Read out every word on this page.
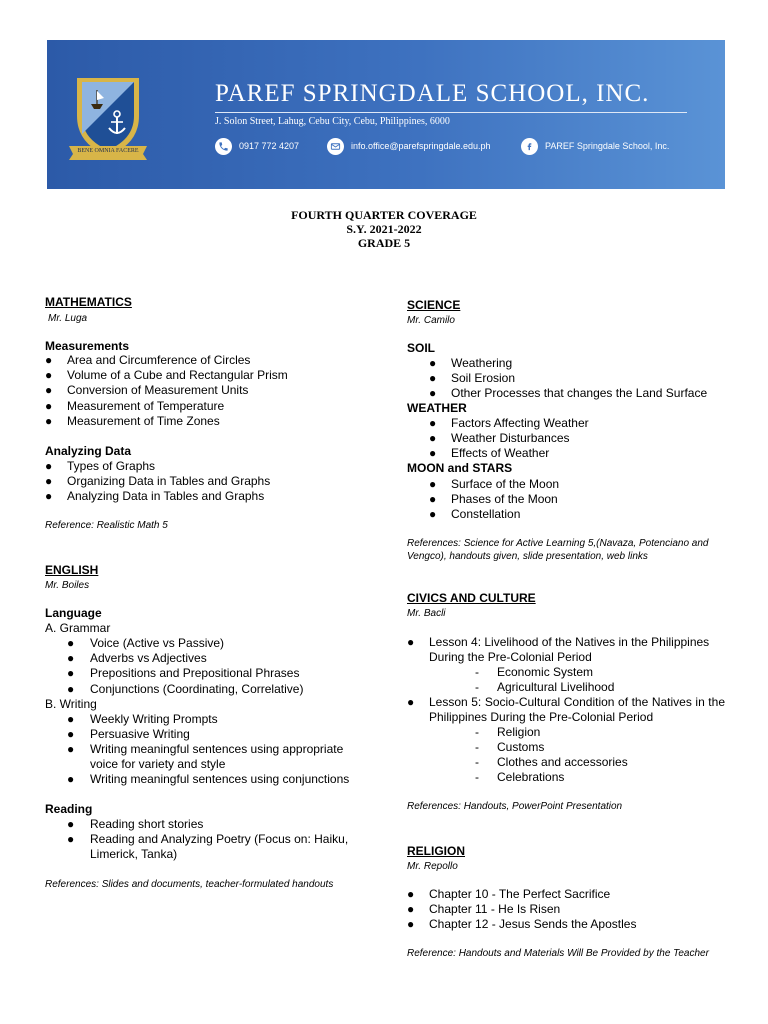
BENE OMNIA FACERE
PAREF SPRINGDALE SCHOOL, INC.
J. Solon Street, Lahug, Cebu City, Cebu, Philippines, 6000
0917 772 4207	info.office@parefspringdale.edu.ph	PAREF Springdale School, Inc.
FOURTH QUARTER COVERAGE
S.Y. 2021-2022
GRADE 5
MATHEMATICS
Mr. Luga
Measurements
● Area and Circumference of Circles
● Volume of a Cube and Rectangular Prism
● Conversion of Measurement Units
● Measurement of Temperature
● Measurement of Time Zones
Analyzing Data
● Types of Graphs
● Organizing Data in Tables and Graphs
● Analyzing Data in Tables and Graphs
Reference: Realistic Math 5
ENGLISH
Mr. Boiles
Language
A. Grammar
● Voice (Active vs Passive)
● Adverbs vs Adjectives
● Prepositions and Prepositional Phrases
● Conjunctions (Coordinating, Correlative)
B. Writing
● Weekly Writing Prompts
● Persuasive Writing
● Writing meaningful sentences using appropriate voice for variety and style
● Writing meaningful sentences using conjunctions
Reading
● Reading short stories
● Reading and Analyzing Poetry (Focus on: Haiku, Limerick, Tanka)
References: Slides and documents, teacher-formulated handouts
SCIENCE
Mr. Camilo
SOIL
● Weathering
● Soil Erosion
● Other Processes that changes the Land Surface
WEATHER
● Factors Affecting Weather
● Weather Disturbances
● Effects of Weather
MOON and STARS
● Surface of the Moon
● Phases of the Moon
● Constellation
References: Science for Active Learning 5,(Navaza, Potenciano and Vengco), handouts given, slide presentation, web links
CIVICS AND CULTURE
Mr. Bacli
● Lesson 4: Livelihood of the Natives in the Philippines During the Pre-Colonial Period
- Economic System
- Agricultural Livelihood
● Lesson 5: Socio-Cultural Condition of the Natives in the Philippines During the Pre-Colonial Period
- Religion
- Customs
- Clothes and accessories
- Celebrations
References: Handouts, PowerPoint Presentation
RELIGION
Mr. Repollo
● Chapter 10 - The Perfect Sacrifice
● Chapter 11 - He Is Risen
● Chapter 12 - Jesus Sends the Apostles
Reference: Handouts and Materials Will Be Provided by the Teacher
